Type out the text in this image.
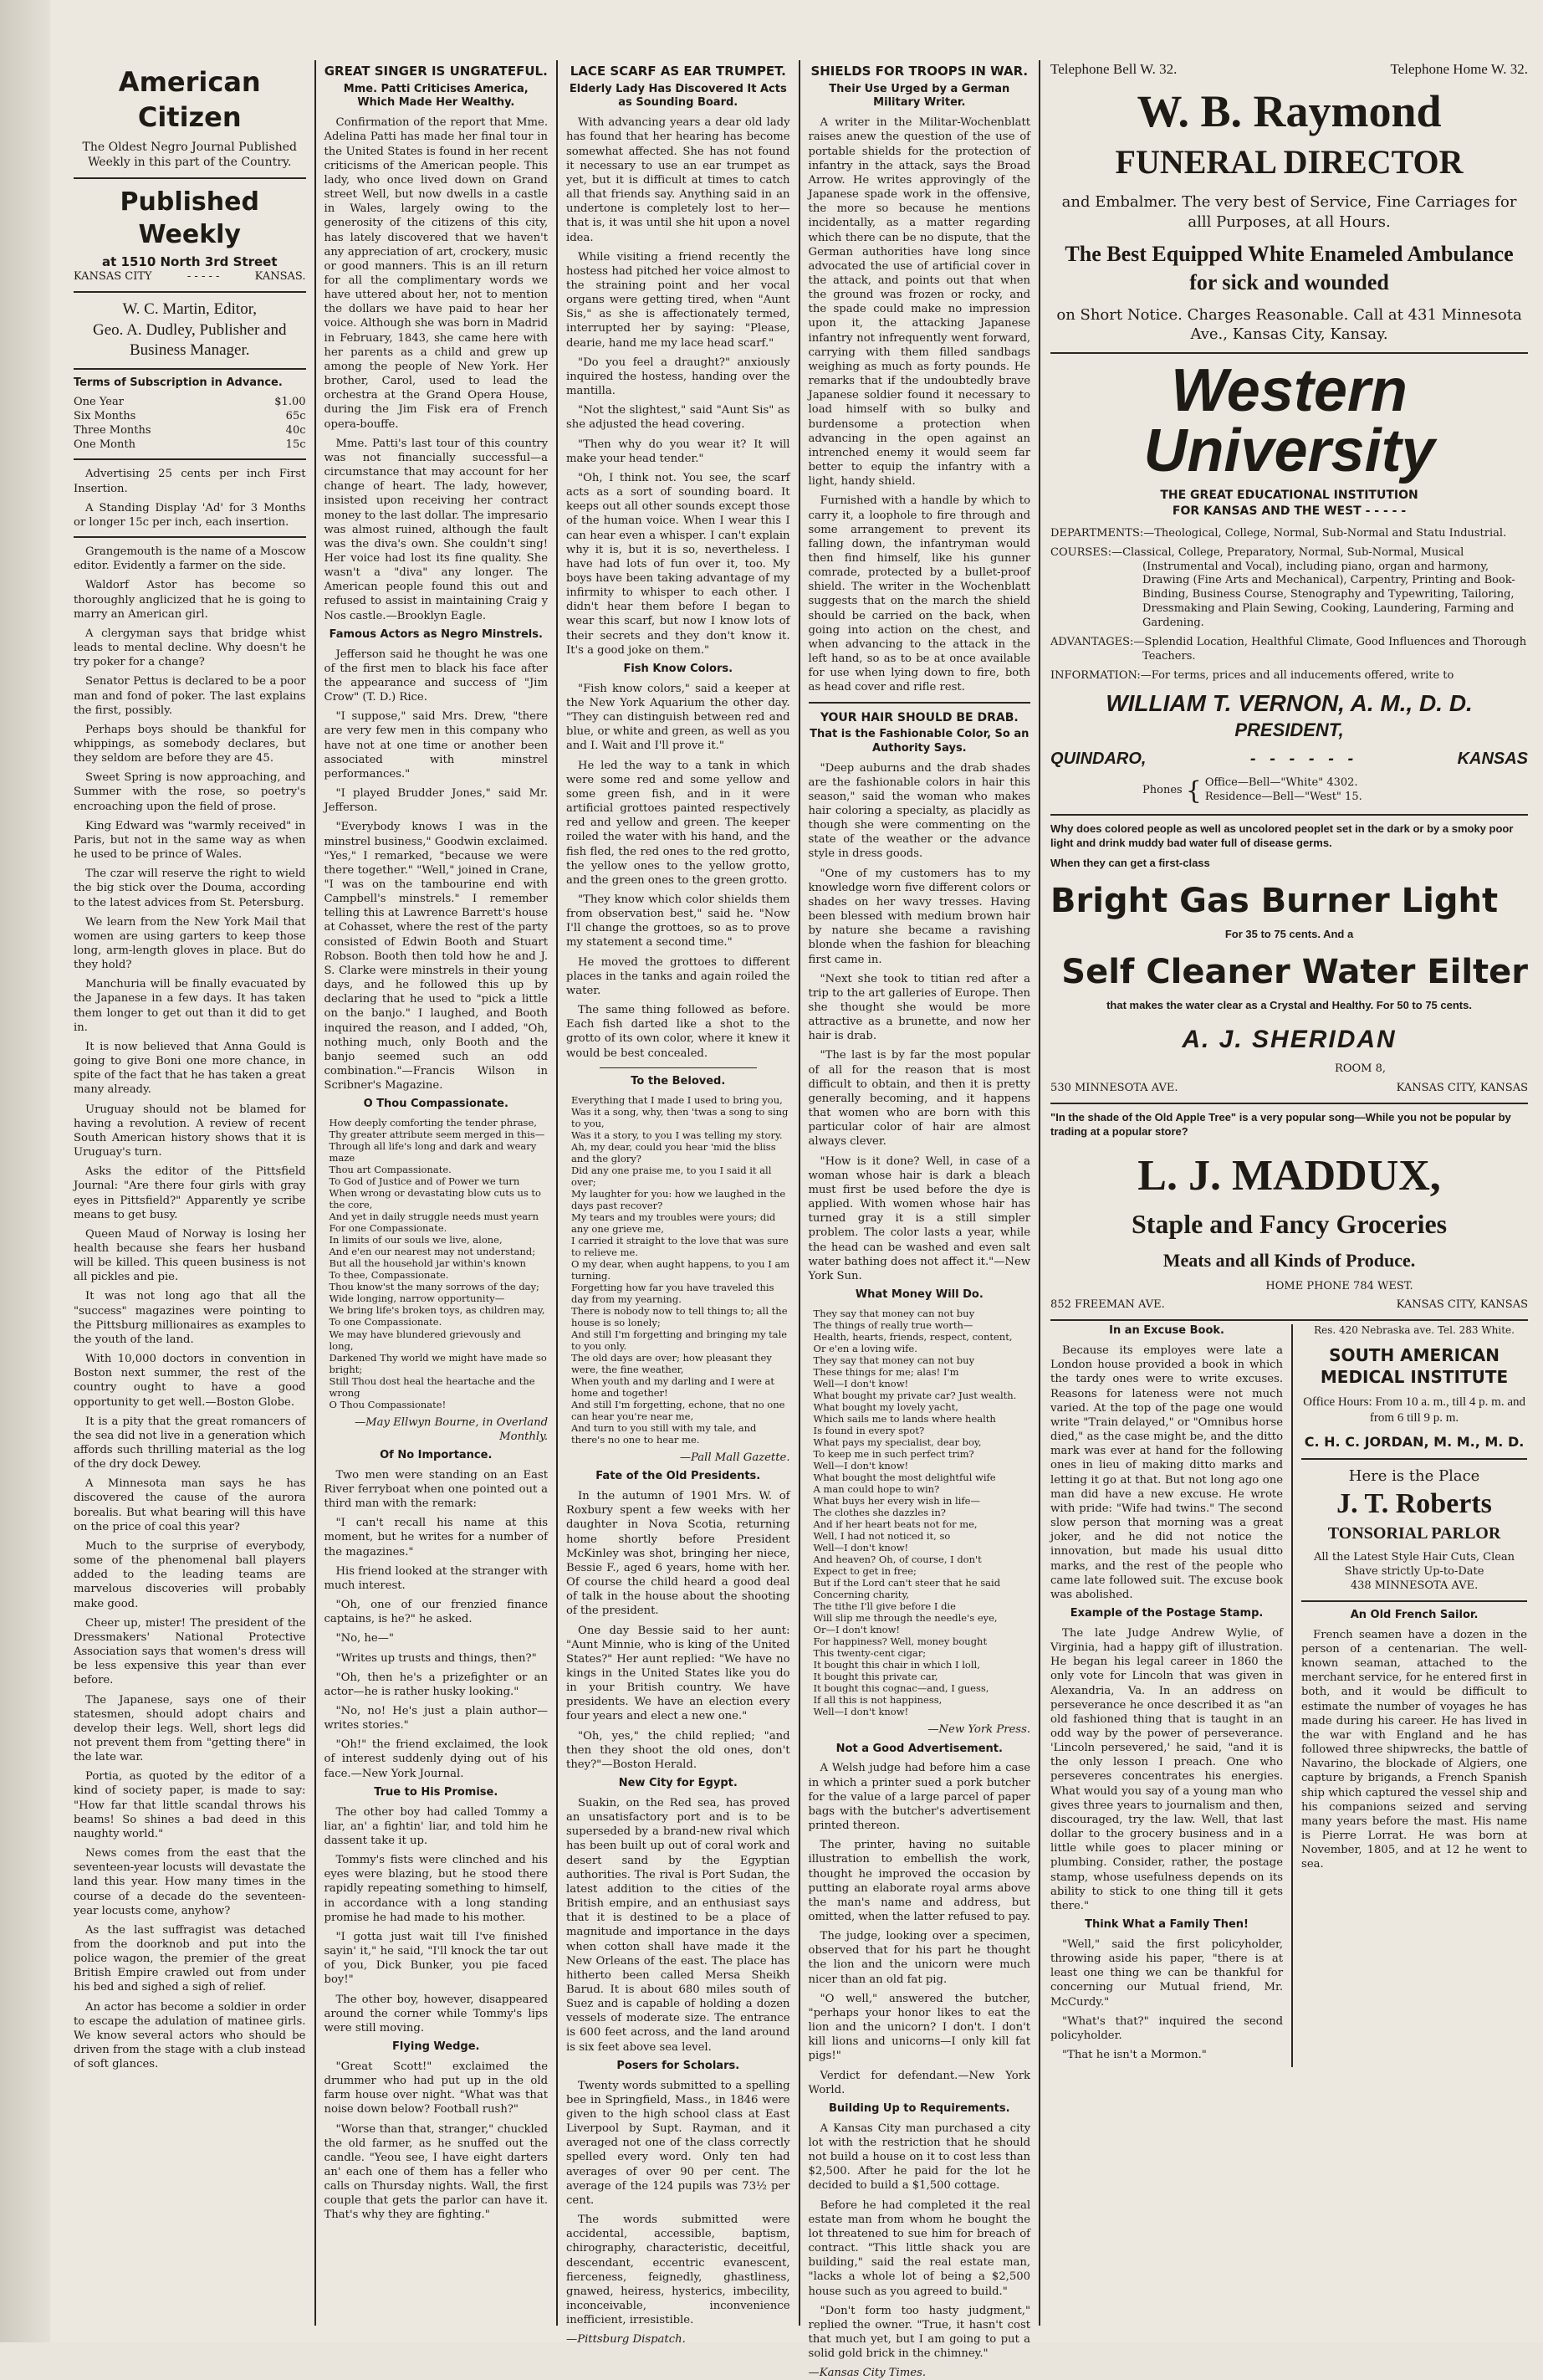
American Citizen
The Oldest Negro Journal Published Weekly in this part of the Country.
Published Weekly
at 1510 North 3rd Street
KANSAS CITY	- - - - -	KANSAS.
W. C. Martin, Editor,
Geo. A. Dudley, Publisher and Business Manager.
Terms of Subscription in Advance.
One Year	$1.00
Six Months	65c
Three Months	40c
One Month	15c

Advertising 25 cents per inch First Insertion.

A Standing Display 'Ad' for 3 Months or longer 15c per inch, each insertion.

Grangemouth is the name of a Moscow editor. Evidently a farmer on the side.

Waldorf Astor has become so thoroughly anglicized that he is going to marry an American girl.

A clergyman says that bridge whist leads to mental decline. Why doesn't he try poker for a change?

Senator Pettus is declared to be a poor man and fond of poker. The last explains the first, possibly.

Perhaps boys should be thankful for whippings, as somebody declares, but they seldom are before they are 45.

Sweet Spring is now approaching, and Summer with the rose, so poetry's encroaching upon the field of prose.

King Edward was "warmly received" in Paris, but not in the same way as when he used to be prince of Wales.

The czar will reserve the right to wield the big stick over the Douma, according to the latest advices from St. Petersburg.

We learn from the New York Mail that women are using garters to keep those long, arm-length gloves in place. But do they hold?

Manchuria will be finally evacuated by the Japanese in a few days. It has taken them longer to get out than it did to get in.

It is now believed that Anna Gould is going to give Boni one more chance, in spite of the fact that he has taken a great many already.

Uruguay should not be blamed for having a revolution. A review of recent South American history shows that it is Uruguay's turn.

Asks the editor of the Pittsfield Journal: "Are there four girls with gray eyes in Pittsfield?" Apparently ye scribe means to get busy.

Queen Maud of Norway is losing her health because she fears her husband will be killed. This queen business is not all pickles and pie.

It was not long ago that all the "success" magazines were pointing to the Pittsburg millionaires as examples to the youth of the land.

With 10,000 doctors in convention in Boston next summer, the rest of the country ought to have a good opportunity to get well.—Boston Globe.

It is a pity that the great romancers of the sea did not live in a generation which affords such thrilling material as the log of the dry dock Dewey.

A Minnesota man says he has discovered the cause of the aurora borealis. But what bearing will this have on the price of coal this year?

Much to the surprise of everybody, some of the phenomenal ball players added to the leading teams are marvelous discoveries will probably make good.

Cheer up, mister! The president of the Dressmakers' National Protective Association says that women's dress will be less expensive this year than ever before.

The Japanese, says one of their statesmen, should adopt chairs and develop their legs. Well, short legs did not prevent them from "getting there" in the late war.

Portia, as quoted by the editor of a kind of society paper, is made to say: "How far that little scandal throws his beams! So shines a bad deed in this naughty world."

News comes from the east that the seventeen-year locusts will devastate the land this year. How many times in the course of a decade do the seventeen-year locusts come, anyhow?

As the last suffragist was detached from the doorknob and put into the police wagon, the premier of the great British Empire crawled out from under his bed and sighed a sigh of relief.

An actor has become a soldier in order to escape the adulation of matinee girls. We know several actors who should be driven from the stage with a club instead of soft glances.

GREAT SINGER IS UNGRATEFUL.
Mme. Patti Criticises America, Which Made Her Wealthy.

Confirmation of the report that Mme. Adelina Patti has made her final tour in the United States is found in her recent criticisms of the American people. This lady, who once lived down on Grand street Well, but now dwells in a castle in Wales, largely owing to the generosity of the citizens of this city, has lately discovered that we haven't any appreciation of art, crockery, music or good manners. This is an ill return for all the complimentary words we have uttered about her, not to mention the dollars we have paid to hear her voice. Although she was born in Madrid in February, 1843, she came here with her parents as a child and grew up among the people of New York. Her brother, Carol, used to lead the orchestra at the Grand Opera House, during the Jim Fisk era of French opera-bouffe.

Mme. Patti's last tour of this country was not financially successful—a circumstance that may account for her change of heart. The lady, however, insisted upon receiving her contract money to the last dollar. The impresario was almost ruined, although the fault was the diva's own. She couldn't sing! Her voice had lost its fine quality. She wasn't a "diva" any longer. The American people found this out and refused to assist in maintaining Craig y Nos castle.—Brooklyn Eagle.

Famous Actors as Negro Minstrels.

Jefferson said he thought he was one of the first men to black his face after the appearance and success of "Jim Crow" (T. D.) Rice.

"I suppose," said Mrs. Drew, "there are very few men in this company who have not at one time or another been associated with minstrel performances."

"I played Brudder Jones," said Mr. Jefferson.

"Everybody knows I was in the minstrel business," Goodwin exclaimed. "Yes," I remarked, "because we were there together." "Well," joined in Crane, "I was on the tambourine end with Campbell's minstrels." I remember telling this at Lawrence Barrett's house at Cohasset, where the rest of the party consisted of Edwin Booth and Stuart Robson. Booth then told how he and J. S. Clarke were minstrels in their young days, and he followed this up by declaring that he used to "pick a little on the banjo." I laughed, and Booth inquired the reason, and I added, "Oh, nothing much, only Booth and the banjo seemed such an odd combination."—Francis Wilson in Scribner's Magazine.

O Thou Compassionate.
How deeply comforting the tender phrase,
Thy greater attribute seem merged in this—
Through all life's long and dark and weary maze
Thou art Compassionate.
To God of Justice and of Power we turn
When wrong or devastating blow cuts us to the core,
And yet in daily struggle needs must yearn
For one Compassionate.
In limits of our souls we live, alone,
And e'en our nearest may not understand;
But all the household jar within's known
To thee, Compassionate.
Thou know'st the many sorrows of the day;
Wide longing, narrow opportunity—
We bring life's broken toys, as children may,
To one Compassionate.
We may have blundered grievously and long,
Darkened Thy world we might have made so bright;
Still Thou dost heal the heartache and the wrong
O Thou Compassionate!
—May Ellwyn Bourne, in Overland Monthly.
Of No Importance.

Two men were standing on an East River ferryboat when one pointed out a third man with the remark:

"I can't recall his name at this moment, but he writes for a number of the magazines."

His friend looked at the stranger with much interest.

"Oh, one of our frenzied finance captains, is he?" he asked.

"No, he—"

"Writes up trusts and things, then?"

"Oh, then he's a prizefighter or an actor—he is rather husky looking."

"No, no! He's just a plain author—writes stories."

"Oh!" the friend exclaimed, the look of interest suddenly dying out of his face.—New York Journal.

True to His Promise.

The other boy had called Tommy a liar, an' a fightin' liar, and told him he dassent take it up.

Tommy's fists were clinched and his eyes were blazing, but he stood there rapidly repeating something to himself, in accordance with a long standing promise he had made to his mother.

"I gotta just wait till I've finished sayin' it," he said, "I'll knock the tar out of you, Dick Bunker, you pie faced boy!"

The other boy, however, disappeared around the corner while Tommy's lips were still moving.

Flying Wedge.

"Great Scott!" exclaimed the drummer who had put up in the old farm house over night. "What was that noise down below? Football rush?"

"Worse than that, stranger," chuckled the old farmer, as he snuffed out the candle. "Yeou see, I have eight darters an' each one of them has a feller who calls on Thursday nights. Wall, the first couple that gets the parlor can have it. That's why they are fighting."

LACE SCARF AS EAR TRUMPET.
Elderly Lady Has Discovered It Acts as Sounding Board.

With advancing years a dear old lady has found that her hearing has become somewhat affected. She has not found it necessary to use an ear trumpet as yet, but it is difficult at times to catch all that friends say. Anything said in an undertone is completely lost to her—that is, it was until she hit upon a novel idea.

While visiting a friend recently the hostess had pitched her voice almost to the straining point and her vocal organs were getting tired, when "Aunt Sis," as she is affectionately termed, interrupted her by saying: "Please, dearie, hand me my lace head scarf."

"Do you feel a draught?" anxiously inquired the hostess, handing over the mantilla.

"Not the slightest," said "Aunt Sis" as she adjusted the head covering.

"Then why do you wear it? It will make your head tender."

"Oh, I think not. You see, the scarf acts as a sort of sounding board. It keeps out all other sounds except those of the human voice. When I wear this I can hear even a whisper. I can't explain why it is, but it is so, nevertheless. I have had lots of fun over it, too. My boys have been taking advantage of my infirmity to whisper to each other. I didn't hear them before I began to wear this scarf, but now I know lots of their secrets and they don't know it. It's a good joke on them."

Fish Know Colors.

"Fish know colors," said a keeper at the New York Aquarium the other day. "They can distinguish between red and blue, or white and green, as well as you and I. Wait and I'll prove it."

He led the way to a tank in which were some red and some yellow and some green fish, and in it were artificial grottoes painted respectively red and yellow and green. The keeper roiled the water with his hand, and the fish fled, the red ones to the red grotto, the yellow ones to the yellow grotto, and the green ones to the green grotto.

"They know which color shields them from observation best," said he. "Now I'll change the grottoes, so as to prove my statement a second time."

He moved the grottoes to different places in the tanks and again roiled the water.

The same thing followed as before. Each fish darted like a shot to the grotto of its own color, where it knew it would be best concealed.

To the Beloved.
Everything that I made I used to bring you,
Was it a song, why, then 'twas a song to sing to you,
Was it a story, to you I was telling my story.
Ah, my dear, could you hear 'mid the bliss and the glory?
Did any one praise me, to you I said it all over;
My laughter for you: how we laughed in the days past recover?
My tears and my troubles were yours; did any one grieve me,
I carried it straight to the love that was sure to relieve me.
O my dear, when aught happens, to you I am turning.
Forgetting how far you have traveled this day from my yearning.
There is nobody now to tell things to; all the house is so lonely;
And still I'm forgetting and bringing my tale to you only.
The old days are over; how pleasant they were, the fine weather,
When youth and my darling and I were at home and together!
And still I'm forgetting, echone, that no one can hear you're near me,
And turn to you still with my tale, and there's no one to hear me.
—Pall Mall Gazette.
Fate of the Old Presidents.

In the autumn of 1901 Mrs. W. of Roxbury spent a few weeks with her daughter in Nova Scotia, returning home shortly before President McKinley was shot, bringing her niece, Bessie F., aged 6 years, home with her. Of course the child heard a good deal of talk in the house about the shooting of the president.

One day Bessie said to her aunt: "Aunt Minnie, who is king of the United States?" Her aunt replied: "We have no kings in the United States like you do in your British country. We have presidents. We have an election every four years and elect a new one."

"Oh, yes," the child replied; "and then they shoot the old ones, don't they?"—Boston Herald.

New City for Egypt.

Suakin, on the Red sea, has proved an unsatisfactory port and is to be superseded by a brand-new rival which has been built up out of coral work and desert sand by the Egyptian authorities. The rival is Port Sudan, the latest addition to the cities of the British empire, and an enthusiast says that it is destined to be a place of magnitude and importance in the days when cotton shall have made it the New Orleans of the east. The place has hitherto been called Mersa Sheikh Barud. It is about 680 miles south of Suez and is capable of holding a dozen vessels of moderate size. The entrance is 600 feet across, and the land around is six feet above sea level.

Posers for Scholars.

Twenty words submitted to a spelling bee in Springfield, Mass., in 1846 were given to the high school class at East Liverpool by Supt. Rayman, and it averaged not one of the class correctly spelled every word. Only ten had averages of over 90 per cent. The average of the 124 pupils was 73½ per cent.

The words submitted were accidental, accessible, baptism, chirography, characteristic, deceitful, descendant, eccentric evanescent, fierceness, feignedly, ghastliness, gnawed, heiress, hysterics, imbecility, inconceivable, inconvenience inefficient, irresistible.

—Pittsburg Dispatch.
SHIELDS FOR TROOPS IN WAR.
Their Use Urged by a German Military Writer.

A writer in the Militar-Wochenblatt raises anew the question of the use of portable shields for the protection of infantry in the attack, says the Broad Arrow. He writes approvingly of the Japanese spade work in the offensive, the more so because he mentions incidentally, as a matter regarding which there can be no dispute, that the German authorities have long since advocated the use of artificial cover in the attack, and points out that when the ground was frozen or rocky, and the spade could make no impression upon it, the attacking Japanese infantry not infrequently went forward, carrying with them filled sandbags weighing as much as forty pounds. He remarks that if the undoubtedly brave Japanese soldier found it necessary to load himself with so bulky and burdensome a protection when advancing in the open against an intrenched enemy it would seem far better to equip the infantry with a light, handy shield.

Furnished with a handle by which to carry it, a loophole to fire through and some arrangement to prevent its falling down, the infantryman would then find himself, like his gunner comrade, protected by a bullet-proof shield. The writer in the Wochenblatt suggests that on the march the shield should be carried on the back, when going into action on the chest, and when advancing to the attack in the left hand, so as to be at once available for use when lying down to fire, both as head cover and rifle rest.

YOUR HAIR SHOULD BE DRAB.
That is the Fashionable Color, So an Authority Says.

"Deep auburns and the drab shades are the fashionable colors in hair this season," said the woman who makes hair coloring a specialty, as placidly as though she were commenting on the state of the weather or the advance style in dress goods.

"One of my customers has to my knowledge worn five different colors or shades on her wavy tresses. Having been blessed with medium brown hair by nature she became a ravishing blonde when the fashion for bleaching first came in.

"Next she took to titian red after a trip to the art galleries of Europe. Then she thought she would be more attractive as a brunette, and now her hair is drab.

"The last is by far the most popular of all for the reason that is most difficult to obtain, and then it is pretty generally becoming, and it happens that women who are born with this particular color of hair are almost always clever.

"How is it done? Well, in case of a woman whose hair is dark a bleach must first be used before the dye is applied. With women whose hair has turned gray it is a still simpler problem. The color lasts a year, while the head can be washed and even salt water bathing does not affect it."—New York Sun.

What Money Will Do.
They say that money can not buy
The things of really true worth—
Health, hearts, friends, respect, content,
Or e'en a loving wife.
They say that money can not buy
These things for me; alas! I'm
Well—I don't know!
What bought my private car? Just wealth.
What bought my lovely yacht,
Which sails me to lands where health
Is found in every spot?
What pays my specialist, dear boy,
To keep me in such perfect trim?
Well—I don't know!
What bought the most delightful wife
A man could hope to win?
What buys her every wish in life—
The clothes she dazzles in?
And if her heart beats not for me,
Well, I had not noticed it, so
Well—I don't know!
And heaven? Oh, of course, I don't
Expect to get in free;
But if the Lord can't steer that he said
Concerning charity,
The tithe I'll give before I die
Will slip me through the needle's eye,
Or—I don't know!
For happiness? Well, money bought
This twenty-cent cigar;
It bought this chair in which I loll,
It bought this private car,
It bought this cognac—and, I guess,
If all this is not happiness,
Well—I don't know!
—New York Press.
Not a Good Advertisement.

A Welsh judge had before him a case in which a printer sued a pork butcher for the value of a large parcel of paper bags with the butcher's advertisement printed thereon.

The printer, having no suitable illustration to embellish the work, thought he improved the occasion by putting an elaborate royal arms above the man's name and address, but omitted, when the latter refused to pay.

The judge, looking over a specimen, observed that for his part he thought the lion and the unicorn were much nicer than an old fat pig.

"O well," answered the butcher, "perhaps your honor likes to eat the lion and the unicorn? I don't. I don't kill lions and unicorns—I only kill fat pigs!"

Verdict for defendant.—New York World.

Building Up to Requirements.

A Kansas City man purchased a city lot with the restriction that he should not build a house on it to cost less than $2,500. After he paid for the lot he decided to build a $1,500 cottage.

Before he had completed it the real estate man from whom he bought the lot threatened to sue him for breach of contract. "This little shack you are building," said the real estate man, "lacks a whole lot of being a $2,500 house such as you agreed to build."

"Don't form too hasty judgment," replied the owner. "True, it hasn't cost that much yet, but I am going to put a solid gold brick in the chimney."

—Kansas City Times.
Telephone Bell W. 32.	Telephone Home W. 32.
W. B. Raymond
FUNERAL DIRECTOR
and Embalmer. The very best of Service, Fine Carriages for alll Purposes, at all Hours.
The Best Equipped White Enameled Ambulance for sick and wounded
on Short Notice. Charges Reasonable. Call at 431 Minnesota Ave., Kansas City, Kansay.
Western University
THE GREAT EDUCATIONAL INSTITUTION
FOR KANSAS AND THE WEST - - - - -
DEPARTMENTS:—Theological, College, Normal, Sub-Normal and Statu Industrial.
COURSES:—Classical, College, Preparatory, Normal, Sub-Normal, Musical (Instrumental and Vocal), including piano, organ and harmony, Drawing (Fine Arts and Mechanical), Carpentry, Printing and Book-Binding, Business Course, Stenography and Typewriting, Tailoring, Dressmaking and Plain Sewing, Cooking, Laundering, Farming and Gardening.
ADVANTAGES:—Splendid Location, Healthful Climate, Good Influences and Thorough Teachers.
INFORMATION:—For terms, prices and all inducements offered, write to
WILLIAM T. VERNON, A. M., D. D.
PRESIDENT,
QUINDARO,	-   -   -   -   -   -	KANSAS
Phones { Office—Bell—"White" 4302.
Residence—Bell—"West" 15.
Why does colored people as well as uncolored peoplet set in the dark or by a smoky poor light and drink muddy bad water full of disease germs.
When they can get a first-class
Bright Gas Burner Light
For 35 to 75 cents. And a
Self Cleaner Water Eilter
that makes the water clear as a Crystal and Healthy. For 50 to 75 cents.
A. J. SHERIDAN
ROOM 8,
530 MINNESOTA AVE.	KANSAS CITY, KANSAS
"In the shade of the Old Apple Tree" is a very popular song—While you not be popular by trading at a popular store?
L. J. MADDUX,
Staple and Fancy Groceries
Meats and all Kinds of Produce.
HOME PHONE 784 WEST.
852 FREEMAN AVE.	KANSAS CITY, KANSAS
In an Excuse Book.

Because its employes were late a London house provided a book in which the tardy ones were to write excuses. Reasons for lateness were not much varied. At the top of the page one would write "Train delayed," or "Omnibus horse died," as the case might be, and the ditto mark was ever at hand for the following ones in lieu of making ditto marks and letting it go at that. But not long ago one man did have a new excuse. He wrote with pride: "Wife had twins." The second slow person that morning was a great joker, and he did not notice the innovation, but made his usual ditto marks, and the rest of the people who came late followed suit. The excuse book was abolished.

Example of the Postage Stamp.

The late Judge Andrew Wylie, of Virginia, had a happy gift of illustration. He began his legal career in 1860 the only vote for Lincoln that was given in Alexandria, Va. In an address on perseverance he once described it as "an old fashioned thing that is taught in an odd way by the power of perseverance. 'Lincoln persevered,' he said, "and it is the only lesson I preach. One who perseveres concentrates his energies. What would you say of a young man who gives three years to journalism and then, discouraged, try the law. Well, that last dollar to the grocery business and in a little while goes to placer mining or plumbing. Consider, rather, the postage stamp, whose usefulness depends on its ability to stick to one thing till it gets there."

Think What a Family Then!

"Well," said the first policyholder, throwing aside his paper, "there is at least one thing we can be thankful for concerning our Mutual friend, Mr. McCurdy."

"What's that?" inquired the second policyholder.

"That he isn't a Mormon."

Res. 420 Nebraska ave. Tel. 283 White.
SOUTH AMERICAN
MEDICAL INSTITUTE
Office Hours: From 10 a. m., till 4 p. m. and from 6 till 9 p. m.
C. H. C. JORDAN, M. M., M. D.
Here is the Place
J. T. Roberts
TONSORIAL PARLOR
All the Latest Style Hair Cuts, Clean Shave strictly Up-to-Date
438 MINNESOTA AVE.
An Old French Sailor.

French seamen have a dozen in the person of a centenarian. The well-known seaman, attached to the merchant service, for he entered first in both, and it would be difficult to estimate the number of voyages he has made during his career. He has lived in the war with England and he has followed three shipwrecks, the battle of Navarino, the blockade of Algiers, one capture by brigands, a French Spanish ship which captured the vessel ship and his companions seized and serving many years before the mast. His name is Pierre Lorrat. He was born at November, 1805, and at 12 he went to sea.
